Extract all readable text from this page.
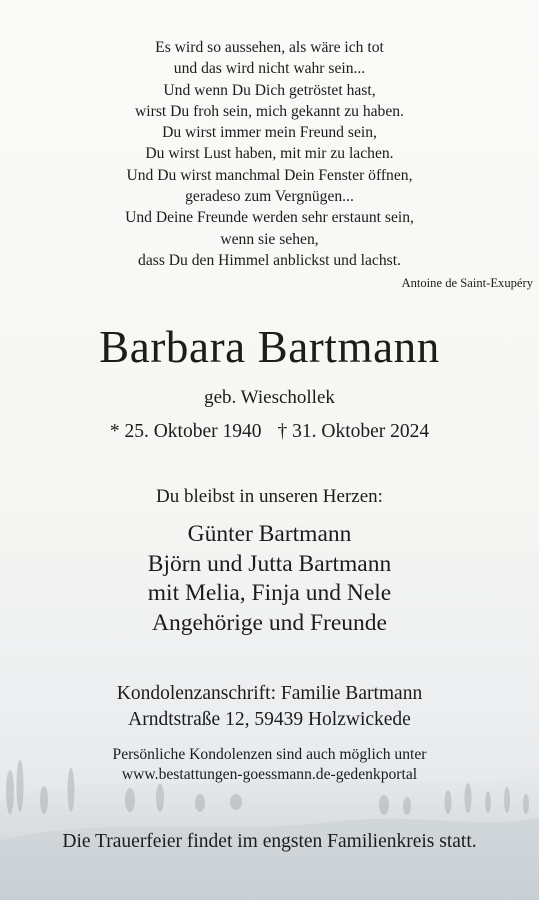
Es wird so aussehen, als wäre ich tot
und das wird nicht wahr sein...
Und wenn Du Dich getröstet hast,
wirst Du froh sein, mich gekannt zu haben.
Du wirst immer mein Freund sein,
Du wirst Lust haben, mit mir zu lachen.
Und Du wirst manchmal Dein Fenster öffnen,
geradeso zum Vergnügen...
Und Deine Freunde werden sehr erstaunt sein,
wenn sie sehen,
dass Du den Himmel anblickst und lachst.
Antoine de Saint-Exupéry
Barbara Bartmann
geb. Wieschollek
* 25. Oktober 1940 † 31. Oktober 2024
Du bleibst in unseren Herzen:
Günter Bartmann
Björn und Jutta Bartmann
mit Melia, Finja und Nele
Angehörige und Freunde
Kondolenzanschrift: Familie Bartmann
Arndtstraße 12, 59439 Holzwickede
Persönliche Kondolenzen sind auch möglich unter
www.bestattungen-goessmann.de-gedenkportal
Die Trauerfeier findet im engsten Familienkreis statt.
